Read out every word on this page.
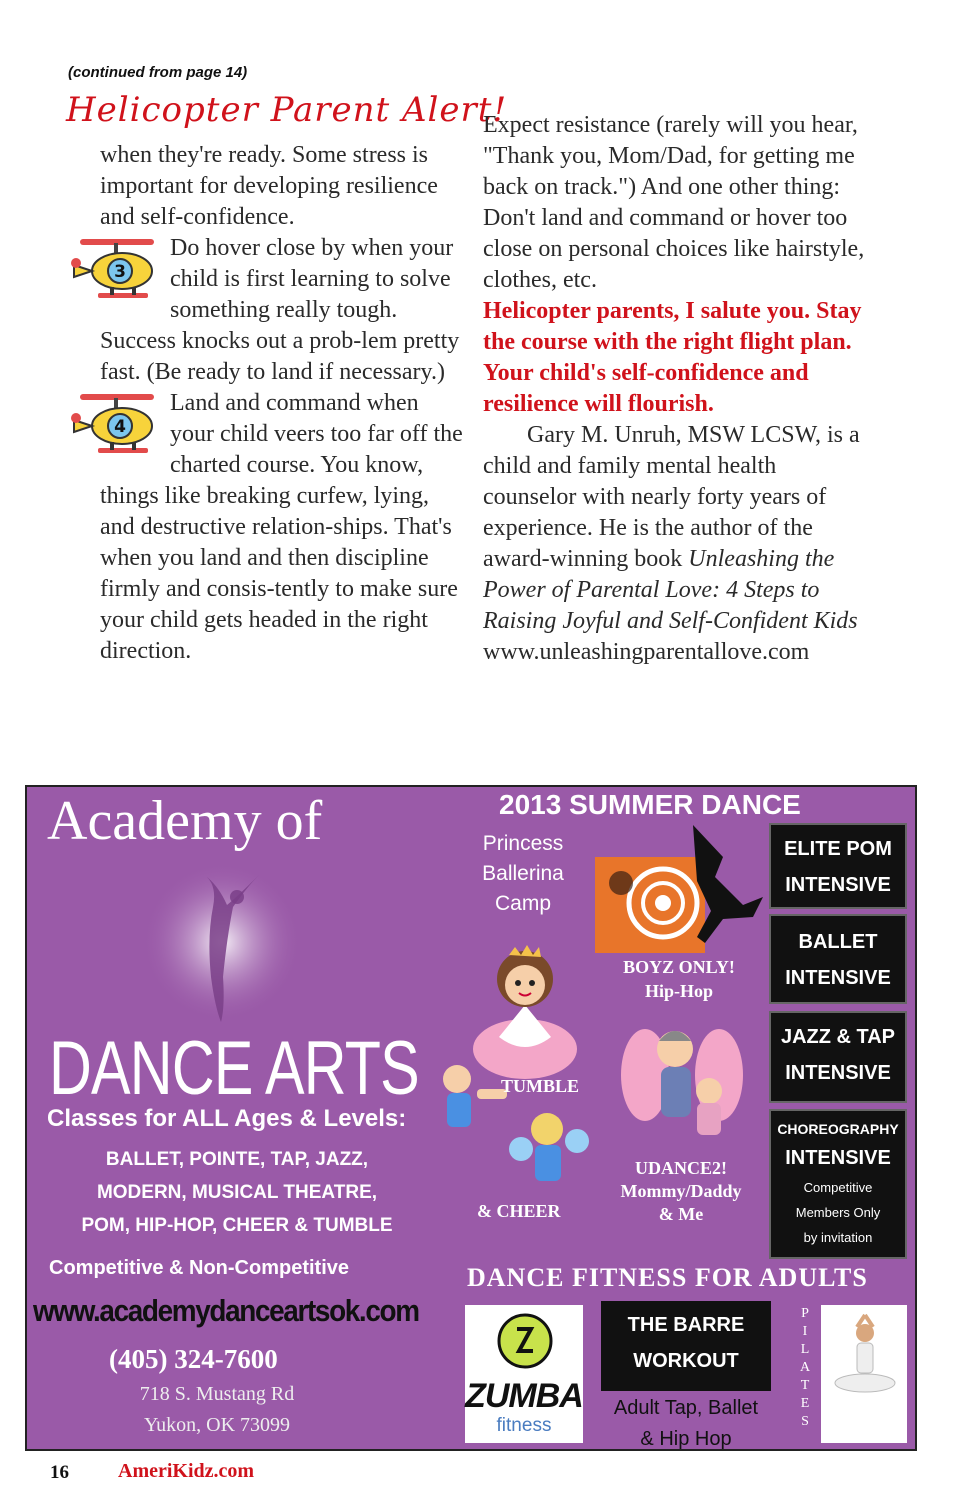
(continued from page 14)
Helicopter Parent Alert!

when they're ready. Some stress is important for developing resilience and self-confidence.

3
Do hover close by when your child is first learning to solve something really tough. Success knocks out a prob-lem pretty fast. (Be ready to land if necessary.)

4
Land and command when your child veers too far off the charted course. You know, things like breaking curfew, lying, and destructive relation-ships. That's when you land and then discipline firmly and consis-tently to make sure your child gets headed in the right direction.

Expect resistance (rarely will you hear, "Thank you, Mom/Dad, for getting me back on track.") And one other thing: Don't land and command or hover too close on personal choices like hairstyle, clothes, etc.

Helicopter parents, I salute you. Stay the course with the right flight plan. Your child's self-confidence and resilience will flourish.

Gary M. Unruh, MSW LCSW, is a child and family mental health counselor with nearly forty years of experience. He is the author of the award-winning book Unleashing the Power of Parental Love: 4 Steps to Raising Joyful and Self-Confident Kids
www.unleashingparentallove.com

Academy of
DANCE ARTS
Classes for ALL Ages & Levels:
BALLET, POINTE, TAP, JAZZ,
MODERN, MUSICAL THEATRE,
POM, HIP-HOP, CHEER & TUMBLE
Competitive & Non-Competitive
www.academydanceartsok.com
(405) 324-7600
718 S. Mustang Rd
Yukon, OK 73099
2013 SUMMER DANCE
Princess Ballerina Camp
BOYZ ONLY!
Hip-Hop
TUMBLE
& CHEER
UDANCE2!
Mommy/Daddy
& Me
ELITE POM
INTENSIVE
BALLET
INTENSIVE
JAZZ & TAP
INTENSIVE
CHOREOGRAPHY
INTENSIVE
Competitive
Members Only
by invitation
DANCE FITNESS FOR ADULTS
ZUMBA
fitness
THE BARRE
WORKOUT
Adult Tap, Ballet
& Hip Hop
P
I
L
A
T
E
S Yoga
16 AmeriKidz.com
